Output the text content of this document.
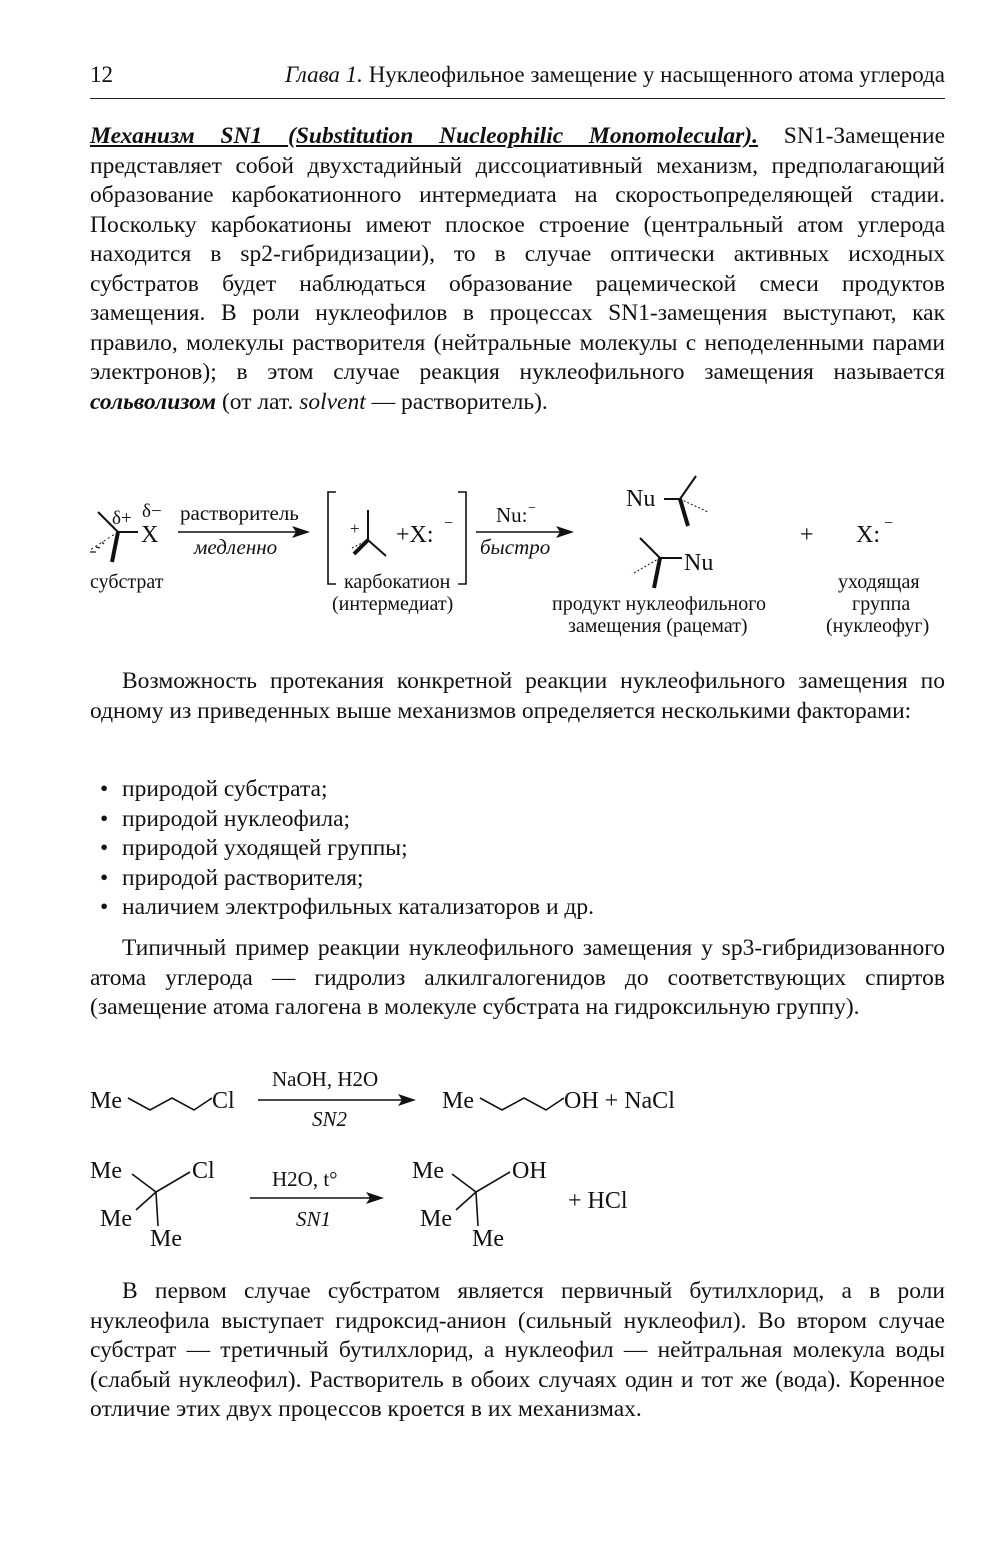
12	Глава 1. Нуклеофильное замещение у насыщенного атома углерода
Механизм SN1 (Substitution Nucleophilic Monomolecular). SN1-Замещение представляет собой двухстадийный диссоциативный механизм, предполагающий образование карбокатионного интермедиата на скоростьопределяющей стадии. Поскольку карбокатионы имеют плоское строение (центральный атом углерода находится в sp2-гибридизации), то в случае оптически активных исходных субстратов будет наблюдаться образование рацемической смеси продуктов замещения. В роли нуклеофилов в процессах SN1-замещения выступают, как правило, молекулы растворителя (нейтральные молекулы с неподеленными парами электронов); в этом случае реакция нуклеофильного замещения называется сольволизом (от лат. solvent — растворитель).
δ+ δ−
X
растворитель
медленно
+ +X: − Nu: −
быстро
Nu
Nu
+ X: −
субстрат	карбокатион
(интермедиат)	продукт нуклеофильного
замещения (рацемат)
уходящая
группа
(нуклеофуг)
Возможность протекания конкретной реакции нуклеофильного замещения по одному из приведенных выше механизмов определяется несколькими факторами:
• природой субстрата;
• природой нуклеофила;
• природой уходящей группы;
• природой растворителя;
• наличием электрофильных катализаторов и др.
Типичный пример реакции нуклеофильного замещения у sp3-гибридизованного атома углерода — гидролиз алкилгалогенидов до соответствующих спиртов (замещение атома галогена в молекуле субстрата на гидроксильную группу).
Me	Cl
NaOH, H2O
SN2
Me	OH + NaCl
Me	Cl
Me
Me
H2O, t°
SN1
Me	OH
Me
Me
+ HCl
В первом случае субстратом является первичный бутилхлорид, а в роли нуклеофила выступает гидроксид-анион (сильный нуклеофил). Во втором случае субстрат — третичный бутилхлорид, а нуклеофил — нейтральная молекула воды (слабый нуклеофил). Растворитель в обоих случаях один и тот же (вода). Коренное отличие этих двух процессов кроется в их механизмах.
